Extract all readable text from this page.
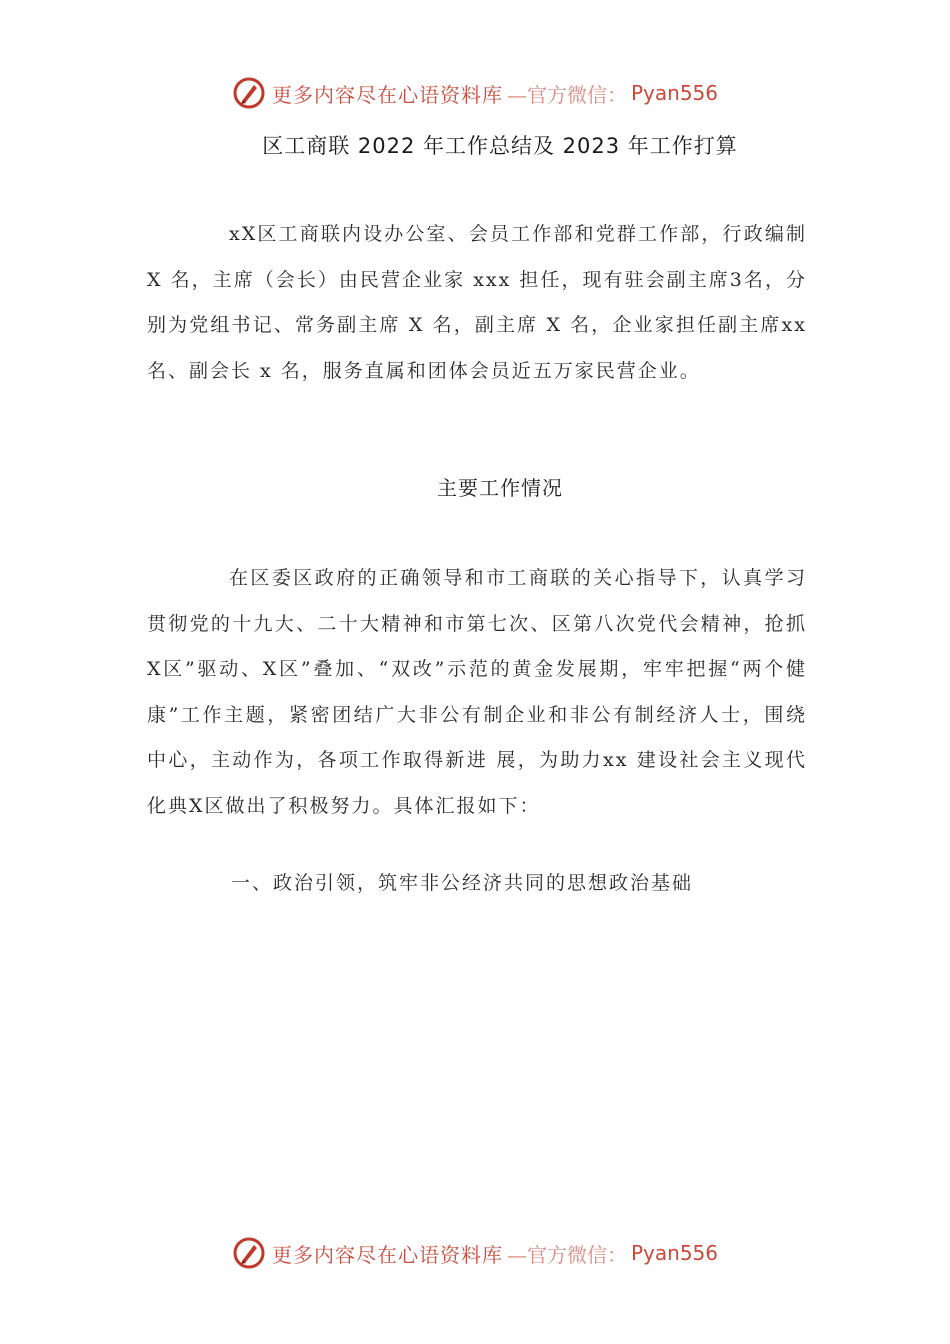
更多内容尽在心语资料库 —官方微信： Pyan556
区工商联 2022 年工作总结及 2023 年工作打算

xX区工商联内设办公室、会员工作部和党群工作部，行政编制 X 名，主席（会长）由民营企业家 xxx 担任，现有驻会副主席3名，分别为党组书记、常务副主席 X 名，副主席 X 名，企业家担任副主席xx 名、副会长 x 名，服务直属和团体会员近五万家民营企业。

主要工作情况

在区委区政府的正确领导和市工商联的关心指导下，认真学习贯彻党的十九大、二十大精神和市第七次、区第八次党代会精神，抢抓X区”驱动、X区”叠加、“双改”示范的黄金发展期，牢牢把握“两个健康”工作主题，紧密团结广大非公有制企业和非公有制经济人士，围绕中心，主动作为，各项工作取得新进 展，为助力xx 建设社会主义现代化典X区做出了积极努力。具体汇报如下：

一、政治引领，筑牢非公经济共同的思想政治基础
更多内容尽在心语资料库 —官方微信： Pyan556
